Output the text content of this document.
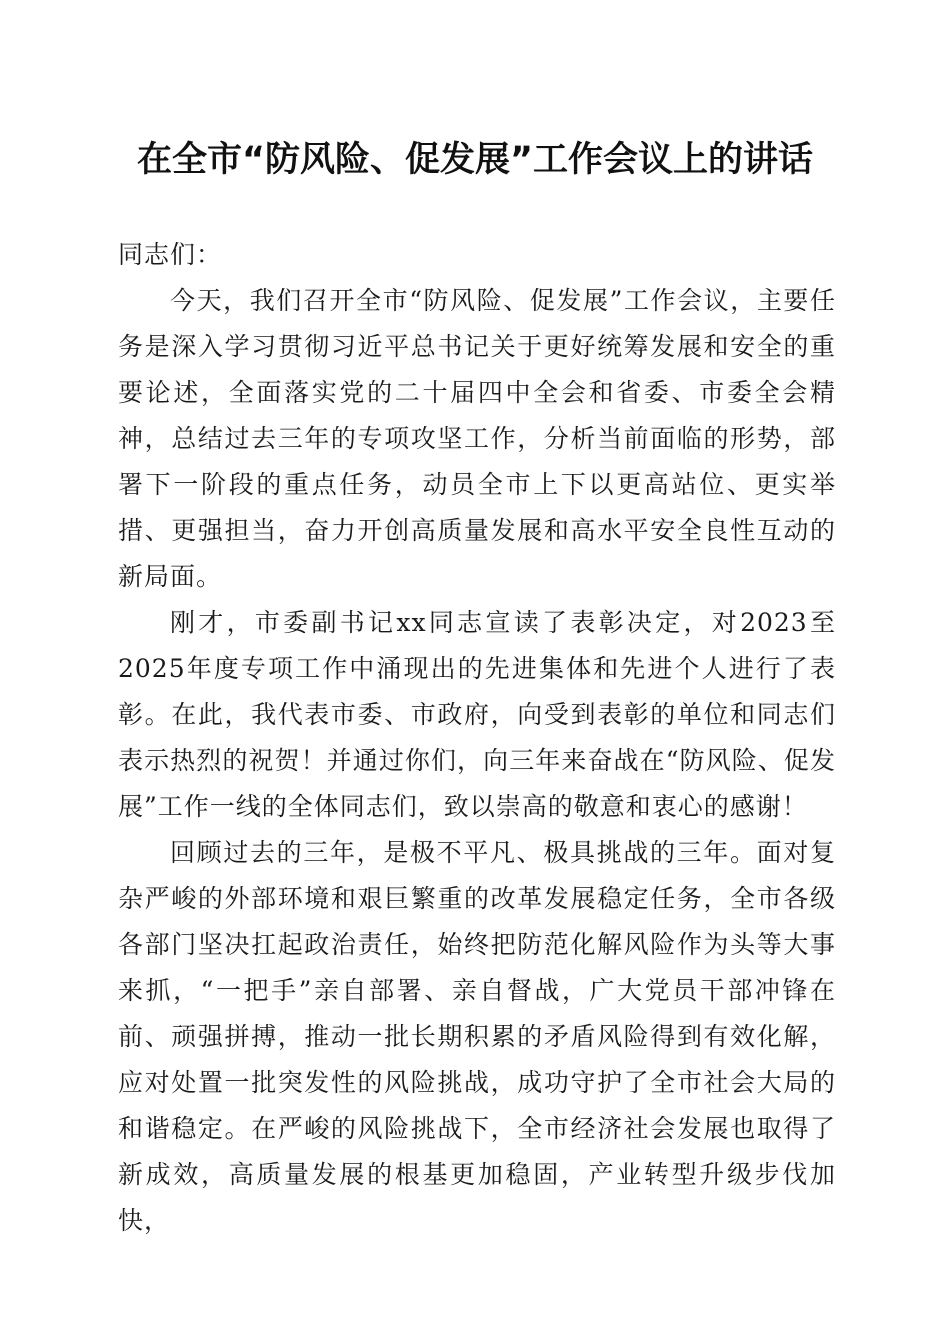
在全市“防风险、促发展”工作会议上的讲话

同志们：

今天，我们召开全市“防风险、促发展”工作会议，主要任务是深入学习贯彻习近平总书记关于更好统筹发展和安全的重要论述，全面落实党的二十届四中全会和省委、市委全会精神，总结过去三年的专项攻坚工作，分析当前面临的形势，部署下一阶段的重点任务，动员全市上下以更高站位、更实举措、更强担当，奋力开创高质量发展和高水平安全良性互动的新局面。

刚才，市委副书记xx同志宣读了表彰决定，对2023至2025年度专项工作中涌现出的先进集体和先进个人进行了表彰。在此，我代表市委、市政府，向受到表彰的单位和同志们表示热烈的祝贺！并通过你们，向三年来奋战在“防风险、促发展”工作一线的全体同志们，致以崇高的敬意和衷心的感谢！

回顾过去的三年，是极不平凡、极具挑战的三年。面对复杂严峻的外部环境和艰巨繁重的改革发展稳定任务，全市各级各部门坚决扛起政治责任，始终把防范化解风险作为头等大事来抓，“一把手”亲自部署、亲自督战，广大党员干部冲锋在前、顽强拼搏，推动一批长期积累的矛盾风险得到有效化解，应对处置一批突发性的风险挑战，成功守护了全市社会大局的和谐稳定。在严峻的风险挑战下，全市经济社会发展也取得了新成效，高质量发展的根基更加稳固，产业转型升级步伐加快，
